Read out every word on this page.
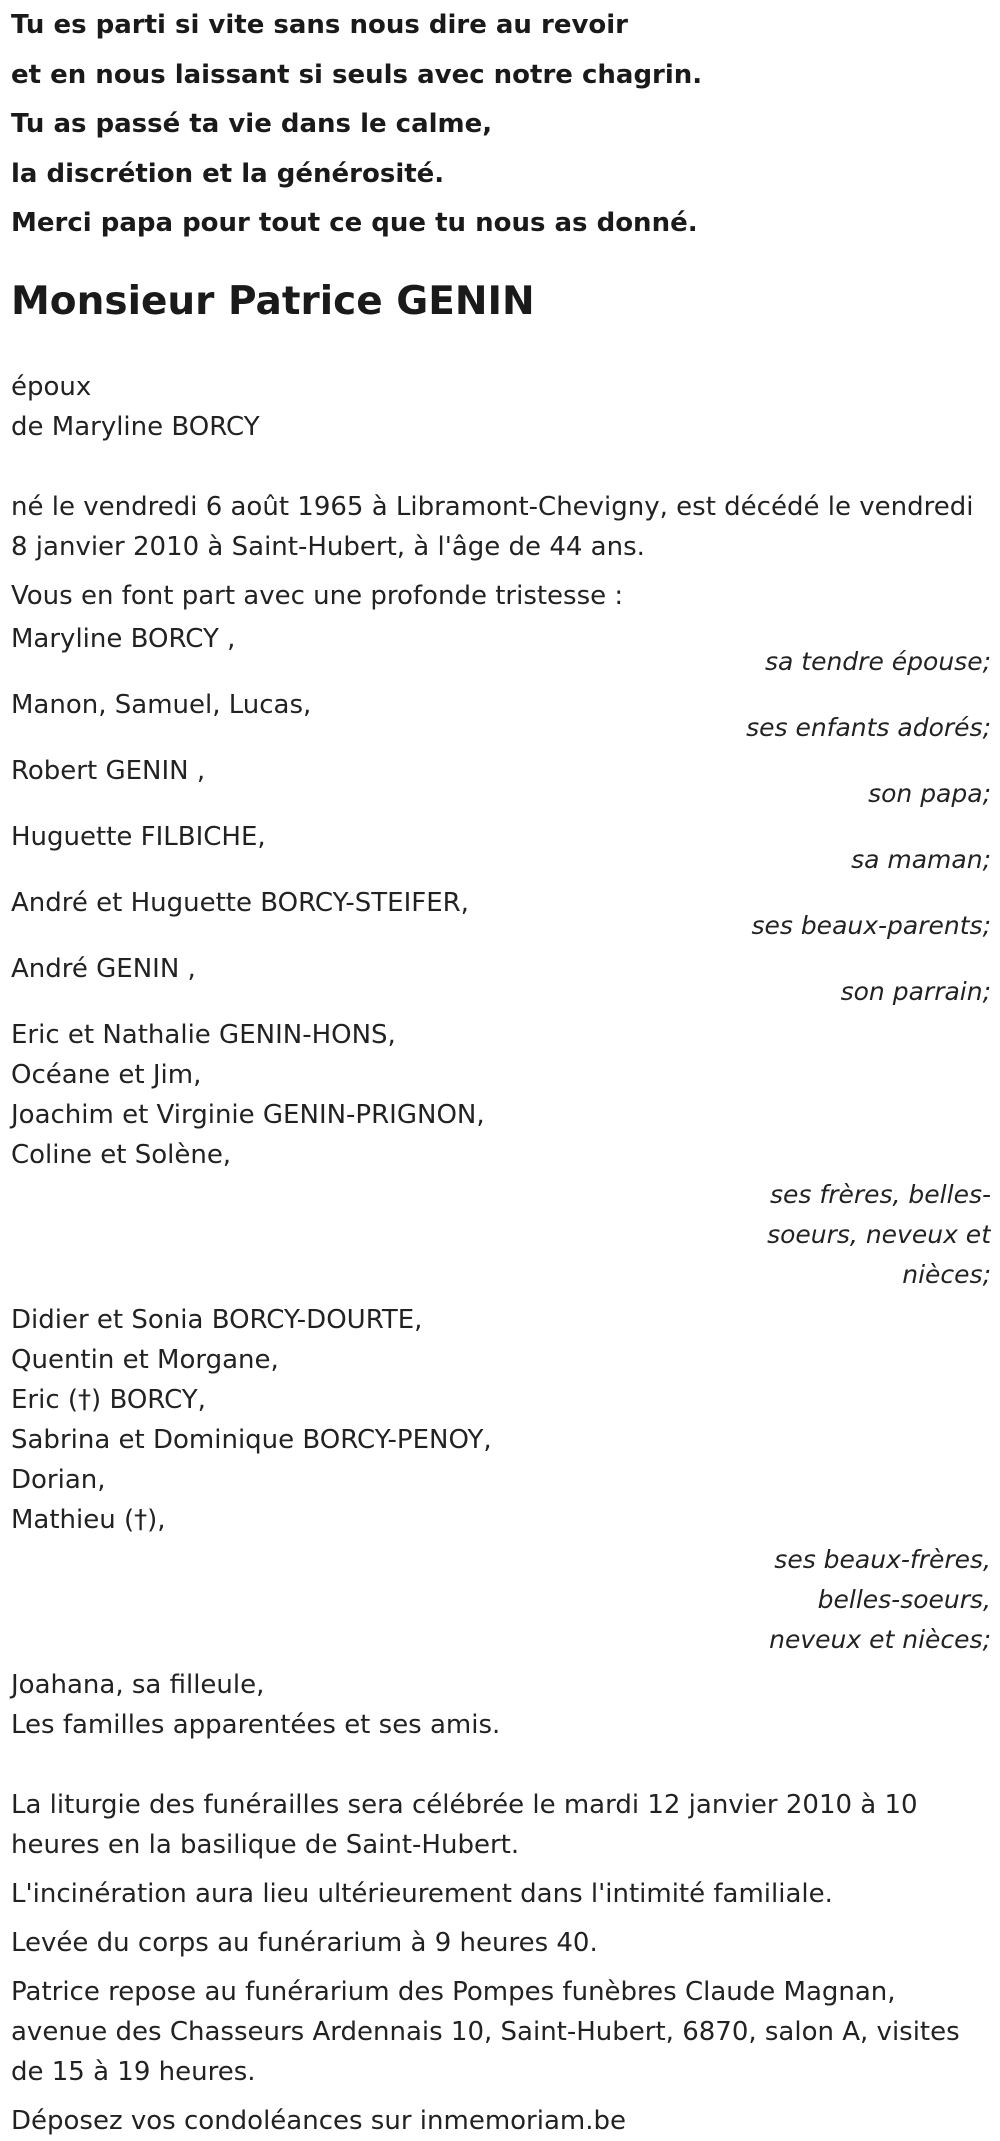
Tu es parti si vite sans nous dire au revoir
et en nous laissant si seuls avec notre chagrin.
Tu as passé ta vie dans le calme,
la discrétion et la générosité.
Merci papa pour tout ce que tu nous as donné.
Monsieur Patrice GENIN
époux
de Maryline BORCY
né le vendredi 6 août 1965 à Libramont-Chevigny, est décédé le vendredi 8 janvier 2010 à Saint-Hubert, à l'âge de 44 ans.
Vous en font part avec une profonde tristesse :
Maryline BORCY ,
sa tendre épouse;
Manon, Samuel, Lucas,
ses enfants adorés;
Robert GENIN ,
son papa;
Huguette FILBICHE,
sa maman;
André et Huguette BORCY-STEIFER,
ses beaux-parents;
André GENIN ,
son parrain;
Eric et Nathalie GENIN-HONS,
Océane et Jim,
Joachim et Virginie GENIN-PRIGNON,
Coline et Solène,
ses frères, belles-
soeurs, neveux et
nièces;
Didier et Sonia BORCY-DOURTE,
Quentin et Morgane,
Eric (†) BORCY,
Sabrina et Dominique BORCY-PENOY,
Dorian,
Mathieu (†),
ses beaux-frères,
belles-soeurs,
neveux et nièces;
Joahana, sa filleule,
Les familles apparentées et ses amis.
La liturgie des funérailles sera célébrée le mardi 12 janvier 2010 à 10 heures en la basilique de Saint-Hubert.
L'incinération aura lieu ultérieurement dans l'intimité familiale.
Levée du corps au funérarium à 9 heures 40.
Patrice repose au funérarium des Pompes funèbres Claude Magnan, avenue des Chasseurs Ardennais 10, Saint-Hubert, 6870, salon A, visites de 15 à 19 heures.
Déposez vos condoléances sur inmemoriam.be
